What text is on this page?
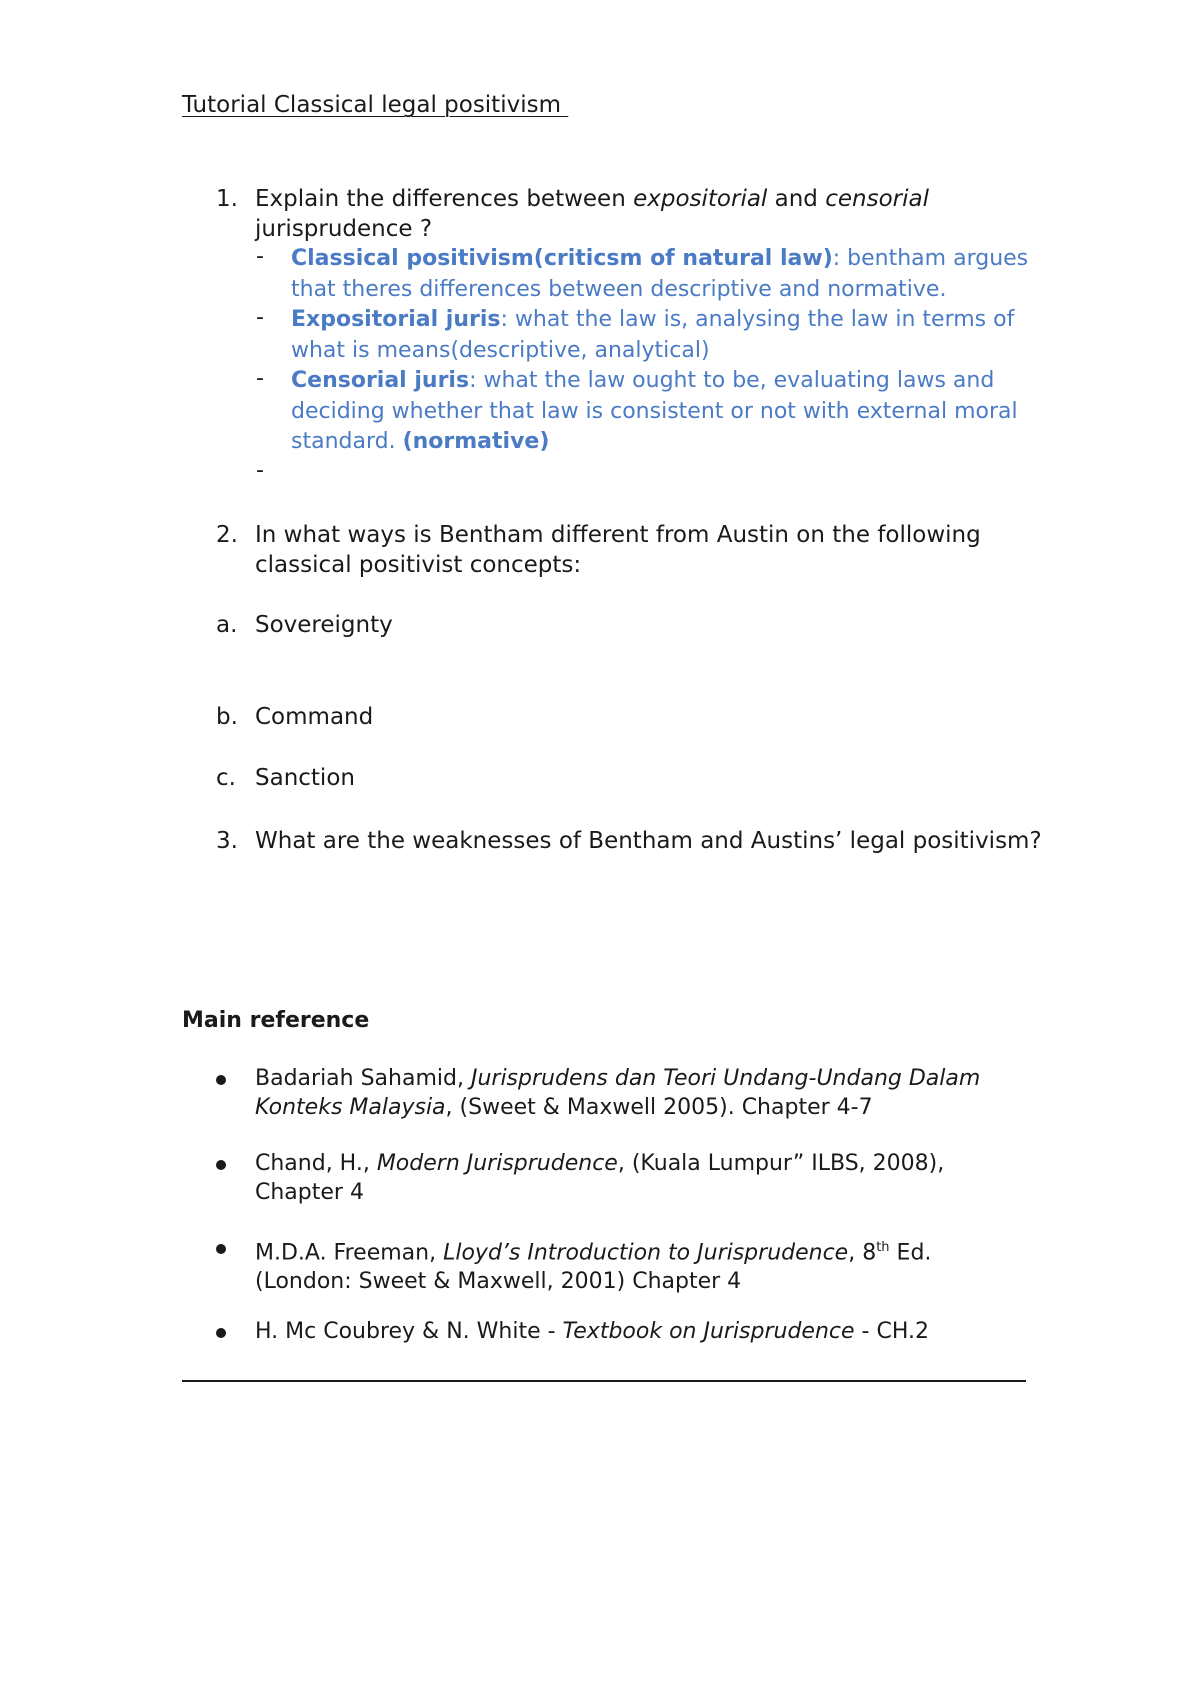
Tutorial Classical legal positivism
1. Explain the differences between expositorial and censorial jurisprudence ?
- Classical positivism(criticsm of natural law): bentham argues that theres differences between descriptive and normative.
- Expositorial juris: what the law is, analysing the law in terms of what is means(descriptive, analytical)
- Censorial juris: what the law ought to be, evaluating laws and deciding whether that law is consistent or not with external moral standard. (normative)
-
2. In what ways is Bentham different from Austin on the following classical positivist concepts:
a. Sovereignty
b. Command
c. Sanction
3. What are the weaknesses of Bentham and Austins’ legal positivism?
Main reference
Badariah Sahamid, Jurisprudens dan Teori Undang-Undang Dalam Konteks Malaysia, (Sweet & Maxwell 2005). Chapter 4-7
Chand, H., Modern Jurisprudence, (Kuala Lumpur” ILBS, 2008), Chapter 4
M.D.A. Freeman, Lloyd’s Introduction to Jurisprudence, 8th Ed. (London: Sweet & Maxwell, 2001) Chapter 4
H. Mc Coubrey & N. White - Textbook on Jurisprudence - CH.2
